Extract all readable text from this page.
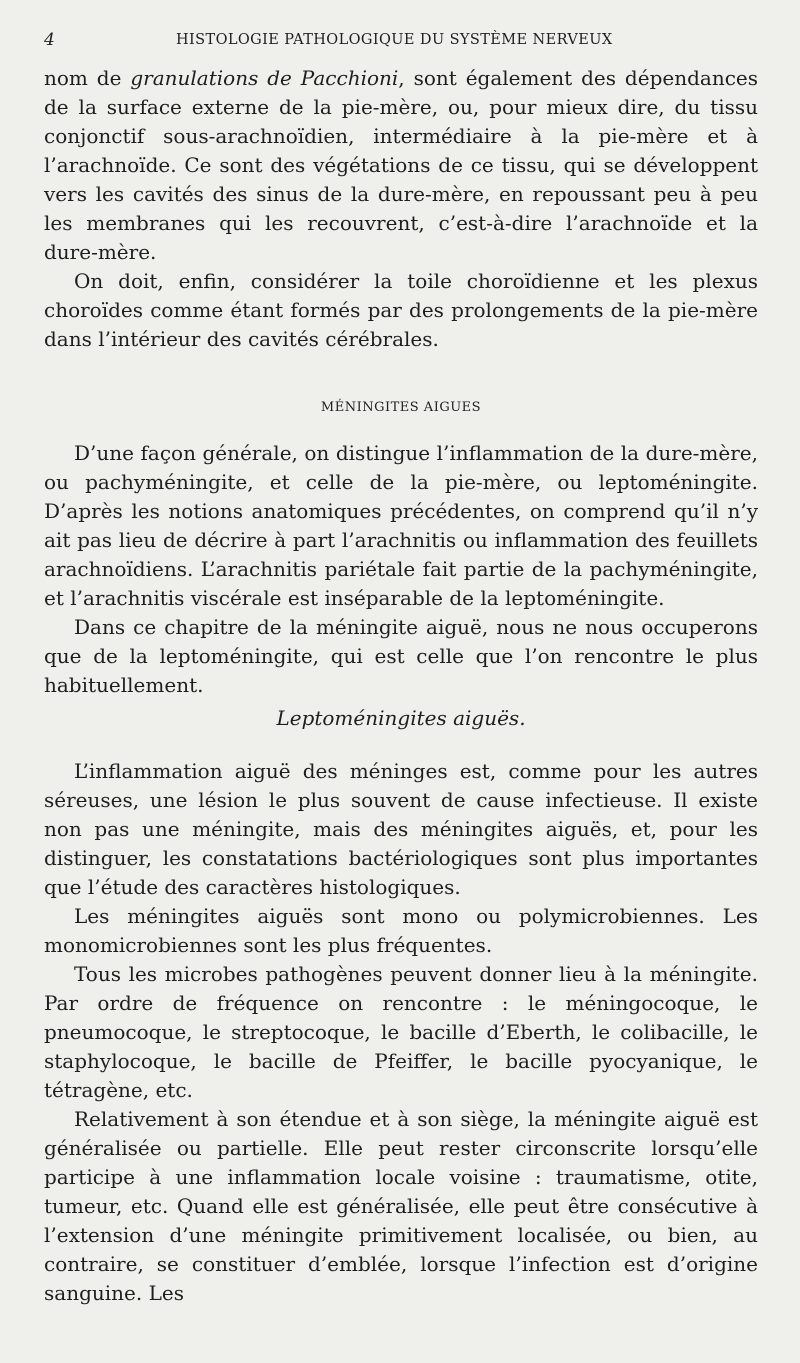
4	HISTOLOGIE PATHOLOGIQUE DU SYSTÈME NERVEUX

nom de granulations de Pacchioni, sont également des dépendances de la surface externe de la pie-mère, ou, pour mieux dire, du tissu conjonctif sous-arachnoïdien, intermédiaire à la pie-mère et à l’arachnoïde. Ce sont des végétations de ce tissu, qui se développent vers les cavités des sinus de la dure-mère, en repoussant peu à peu les membranes qui les recouvrent, c’est-à-dire l’arachnoïde et la dure-mère.

On doit, enfin, considérer la toile choroïdienne et les plexus choroïdes comme étant formés par des prolongements de la pie-mère dans l’intérieur des cavités cérébrales.

MÉNINGITES AIGUES

D’une façon générale, on distingue l’inflammation de la dure-mère, ou pachyméningite, et celle de la pie-mère, ou leptoméningite. D’après les notions anatomiques précédentes, on comprend qu’il n’y ait pas lieu de décrire à part l’arachnitis ou inflammation des feuillets arachnoïdiens. L’arachnitis pariétale fait partie de la pachyméningite, et l’arachnitis viscérale est inséparable de la leptoméningite.

Dans ce chapitre de la méningite aiguë, nous ne nous occuperons que de la leptoméningite, qui est celle que l’on rencontre le plus habituellement.

Leptoméningites aiguës.

L’inflammation aiguë des méninges est, comme pour les autres séreuses, une lésion le plus souvent de cause infectieuse. Il existe non pas une méningite, mais des méningites aiguës, et, pour les distinguer, les constatations bactériologiques sont plus importantes que l’étude des caractères histologiques.

Les méningites aiguës sont mono ou polymicrobiennes. Les monomicrobiennes sont les plus fréquentes.

Tous les microbes pathogènes peuvent donner lieu à la méningite. Par ordre de fréquence on rencontre : le méningocoque, le pneumocoque, le streptocoque, le bacille d’Eberth, le colibacille, le staphylocoque, le bacille de Pfeiffer, le bacille pyocyanique, le tétragène, etc.

Relativement à son étendue et à son siège, la méningite aiguë est généralisée ou partielle. Elle peut rester circonscrite lorsqu’elle participe à une inflammation locale voisine : traumatisme, otite, tumeur, etc. Quand elle est généralisée, elle peut être consécutive à l’extension d’une méningite primitivement localisée, ou bien, au contraire, se constituer d’emblée, lorsque l’infection est d’origine sanguine. Les
